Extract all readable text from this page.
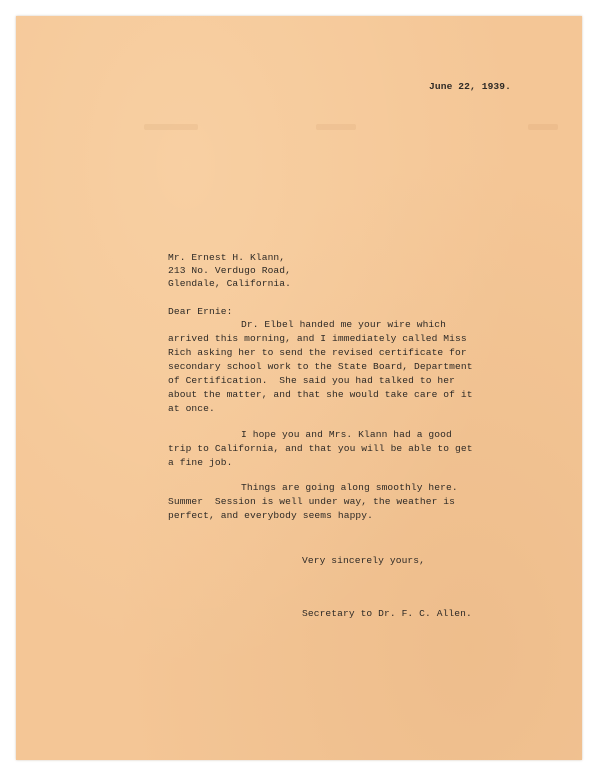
June 22, 1939.

Mr. Ernest H. Klann,

213 No. Verdugo Road,

Glendale, California.

Dear Ernie:

Dr. Elbel handed me your wire which

arrived this morning, and I immediately called Miss

Rich asking her to send the revised certificate for

secondary school work to the State Board, Department

of Certification.  She said you had talked to her

about the matter, and that she would take care of it

at once.

I hope you and Mrs. Klann had a good

trip to California, and that you will be able to get

a fine job.

Things are going along smoothly here.

Summer  Session is well under way, the weather is

perfect, and everybody seems happy.

Very sincerely yours,

Secretary to Dr. F. C. Allen.
